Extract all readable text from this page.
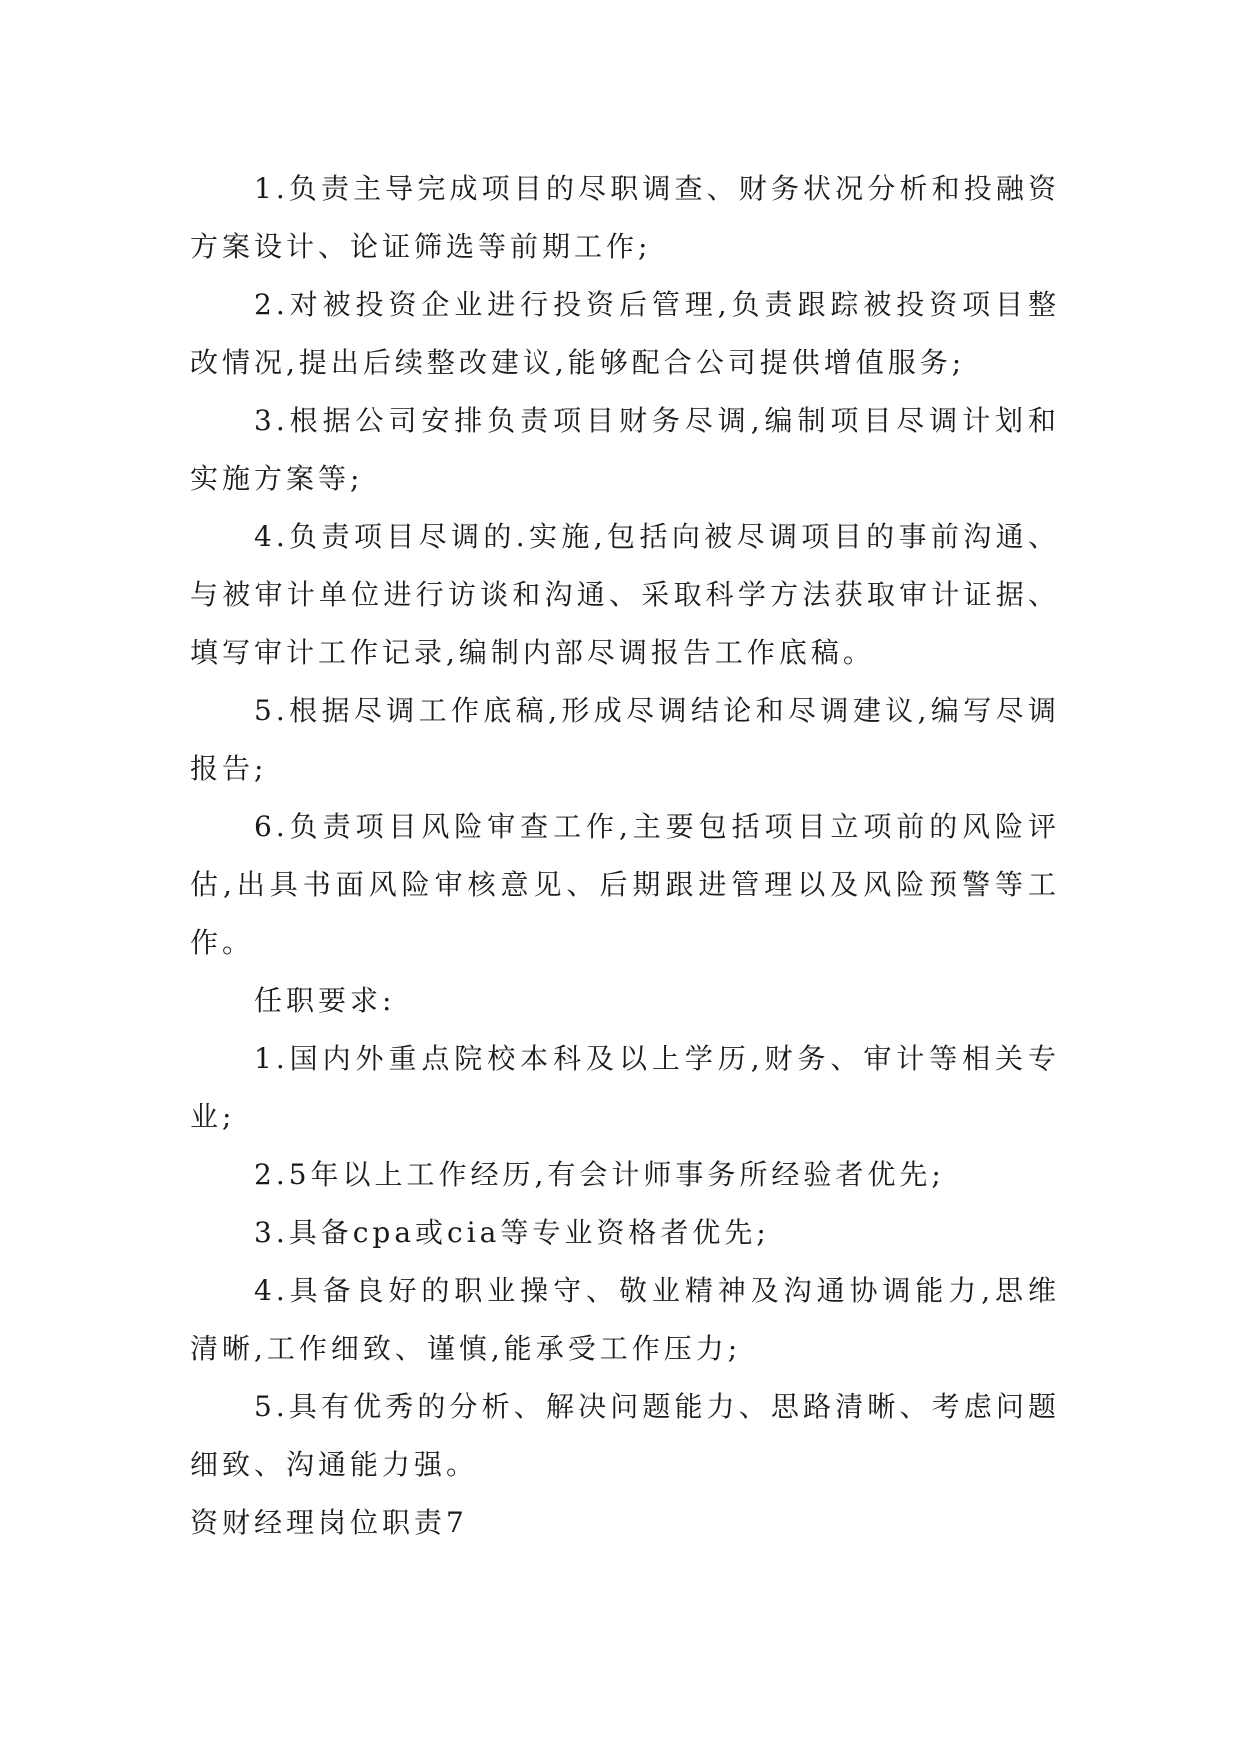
1.负责主导完成项目的尽职调查、财务状况分析和投融资方案设计、论证筛选等前期工作;

2.对被投资企业进行投资后管理,负责跟踪被投资项目整改情况,提出后续整改建议,能够配合公司提供增值服务;

3.根据公司安排负责项目财务尽调,编制项目尽调计划和实施方案等;

4.负责项目尽调的.实施,包括向被尽调项目的事前沟通、与被审计单位进行访谈和沟通、采取科学方法获取审计证据、填写审计工作记录,编制内部尽调报告工作底稿。

5.根据尽调工作底稿,形成尽调结论和尽调建议,编写尽调报告;

6.负责项目风险审查工作,主要包括项目立项前的风险评估,出具书面风险审核意见、后期跟进管理以及风险预警等工作。

任职要求:

1.国内外重点院校本科及以上学历,财务、审计等相关专业;

2.5年以上工作经历,有会计师事务所经验者优先;

3.具备cpa或cia等专业资格者优先;

4.具备良好的职业操守、敬业精神及沟通协调能力,思维清晰,工作细致、谨慎,能承受工作压力;

5.具有优秀的分析、解决问题能力、思路清晰、考虑问题细致、沟通能力强。

资财经理岗位职责7
